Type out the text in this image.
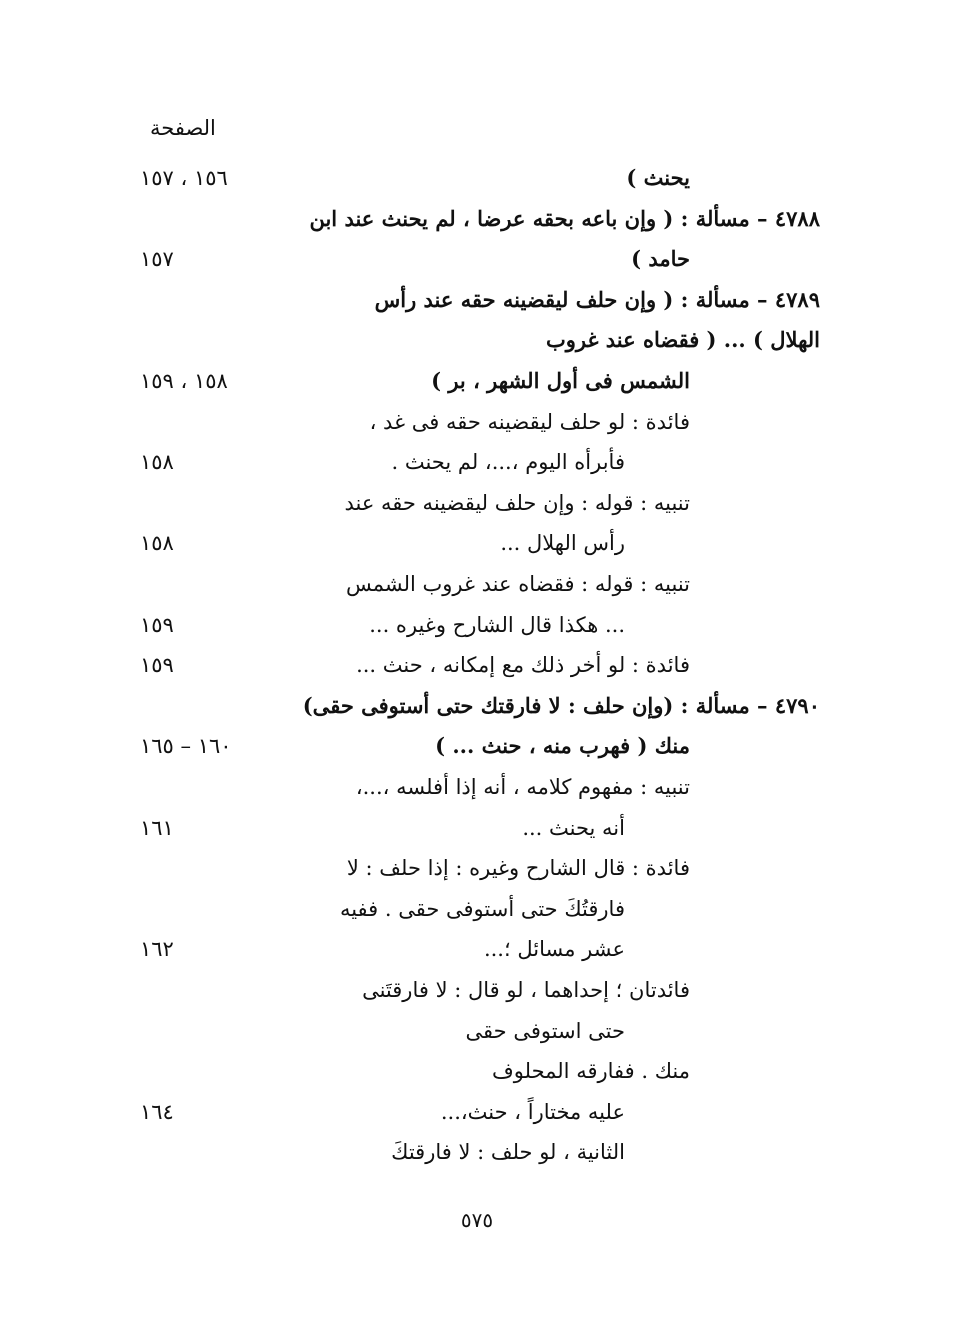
الصفحة
يحنث )
١٥٦ ، ١٥٧
٤٧٨٨ – مسألة : ( وإن باعه بحقه عرضا ، لم يحنث عند ابن
حامد )
١٥٧
٤٧٨٩ – مسألة : ( وإن حلف ليقضينه حقه عند رأس
الهلال ) ... ( فقضاه عند غروب
الشمس فى أول الشهر ، بر )
١٥٨ ، ١٥٩
فائدة : لو حلف ليقضينه حقه فى غد ،
فأبرأه اليوم ،...، لم يحنث .
١٥٨
تنبيه : قوله : وإن حلف ليقضينه حقه عند
رأس الهلال ...
١٥٨
تنبيه : قوله : فقضاه عند غروب الشمس
... هكذا قال الشارح وغيره ...
١٥٩
فائدة : لو أخر ذلك مع إمكانه ، حنث ...
١٥٩
٤٧٩٠ – مسألة : (وإن حلف : لا فارقتك حتى أستوفى حقى)
منك ( فهرب منه ، حنث ... )
١٦٠ – ١٦٥
تنبيه : مفهوم كلامه ، أنه إذا أفلسه ،...،
أنه يحنث ...
١٦١
فائدة : قال الشارح وغيره : إذا حلف : لا
فارقتُكَ حتى أستوفى حقى . ففيه
عشر مسائل ؛...
١٦٢
فائدتان ؛ إحداهما ، لو قال : لا فارقتَنى
حتى استوفى حقى
منك . ففارقه المحلوف
عليه مختاراً ، حنث،...
١٦٤
الثانية ، لو حلف : لا فارقتكَ
٥٧٥
